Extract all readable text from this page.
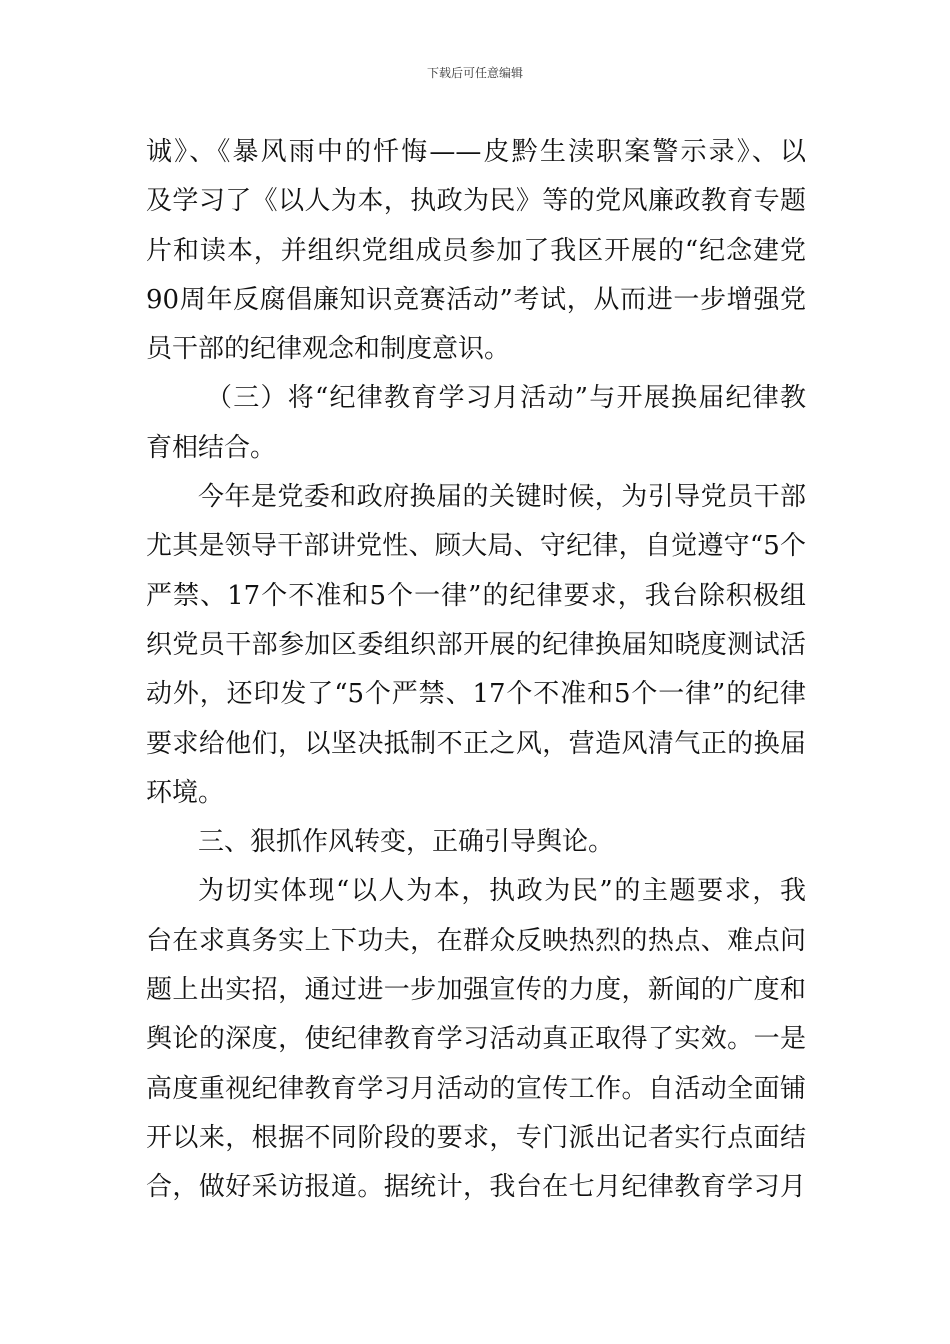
下载后可任意编辑
诚》、《暴风雨中的忏悔——皮黔生渎职案警示录》、以
及学习了《以人为本，执政为民》等的党风廉政教育专题
片和读本，并组织党组成员参加了我区开展的“纪念建党
90周年反腐倡廉知识竞赛活动”考试，从而进一步增强党
员干部的纪律观念和制度意识。
（三）将“纪律教育学习月活动”与开展换届纪律教
育相结合。
今年是党委和政府换届的关键时候，为引导党员干部
尤其是领导干部讲党性、顾大局、守纪律，自觉遵守“5个
严禁、17个不准和5个一律”的纪律要求，我台除积极组
织党员干部参加区委组织部开展的纪律换届知晓度测试活
动外，还印发了“5个严禁、17个不准和5个一律”的纪律
要求给他们，以坚决抵制不正之风，营造风清气正的换届
环境。
三、狠抓作风转变，正确引导舆论。
为切实体现“以人为本，执政为民”的主题要求，我
台在求真务实上下功夫，在群众反映热烈的热点、难点问
题上出实招，通过进一步加强宣传的力度，新闻的广度和
舆论的深度，使纪律教育学习活动真正取得了实效。一是
高度重视纪律教育学习月活动的宣传工作。自活动全面铺
开以来，根据不同阶段的要求，专门派出记者实行点面结
合，做好采访报道。据统计，我台在七月纪律教育学习月
